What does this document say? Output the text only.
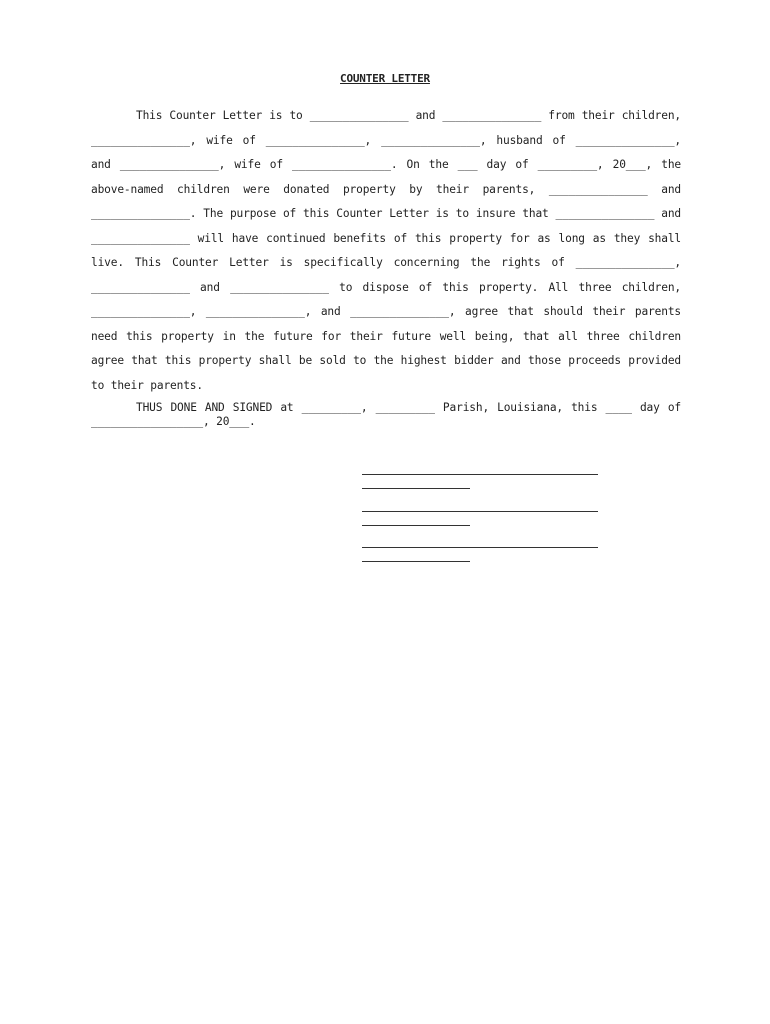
COUNTER LETTER

This Counter Letter is to _______________ and _______________ from their children, _______________, wife of _______________, _______________, husband of _______________, and _______________, wife of _______________. On the ___ day of _________, 20___, the above-named children were donated property by their parents, _______________ and _______________. The purpose of this Counter Letter is to insure that _______________ and _______________ will have continued benefits of this property for as long as they shall live. This Counter Letter is specifically concerning the rights of _______________, _______________ and _______________ to dispose of this property. All three children, _______________, _______________, and _______________, agree that should their parents need this property in the future for their future well being, that all three children agree that this property shall be sold to the highest bidder and those proceeds provided to their parents.

THUS DONE AND SIGNED at _________, _________ Parish, Louisiana, this ____ day of _________________, 20___.
